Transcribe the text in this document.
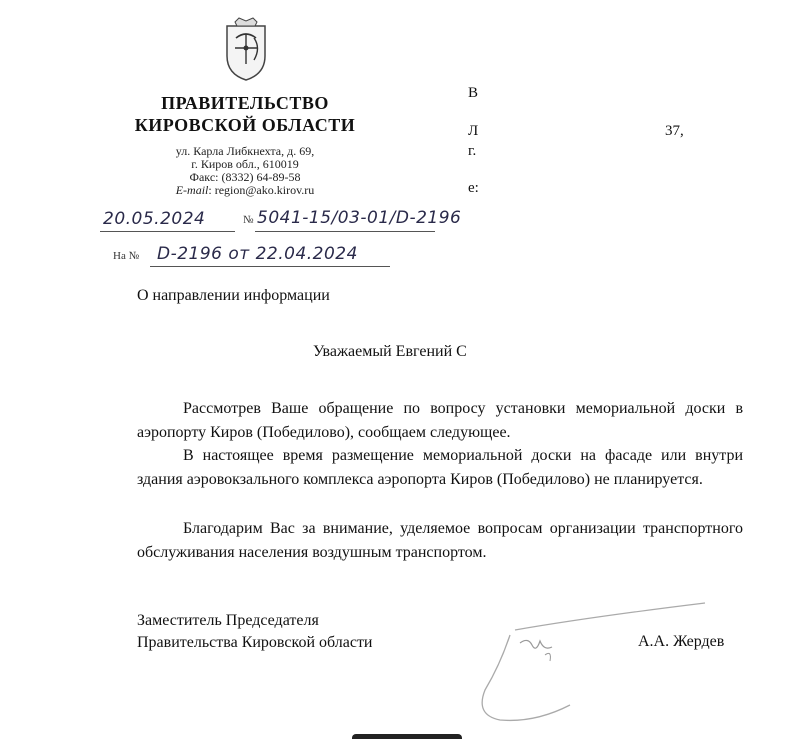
ПРАВИТЕЛЬСТВО
КИРОВСКОЙ ОБЛАСТИ
ул. Карла Либкнехта, д. 69,
г. Киров обл., 610019
Факс: (8332) 64-89-58
E-mail: region@ako.kirov.ru
20.05.2024	№ 5041-15/03-01/D-2196
На № D-2196 от 22.04.2024
В
Л	37,
г.
e:
О направлении информации
Уважаемый Евгений С
Рассмотрев Ваше обращение по вопросу установки мемориальной доски в аэропорту Киров (Победилово), сообщаем следующее.
В настоящее время размещение мемориальной доски на фасаде или внутри здания аэровокзального комплекса аэропорта Киров (Победилово) не планируется.
Благодарим Вас за внимание, уделяемое вопросам организации транспортного обслуживания населения воздушным транспортом.
Заместитель Председателя
Правительства Кировской области	А.А. Жердев
